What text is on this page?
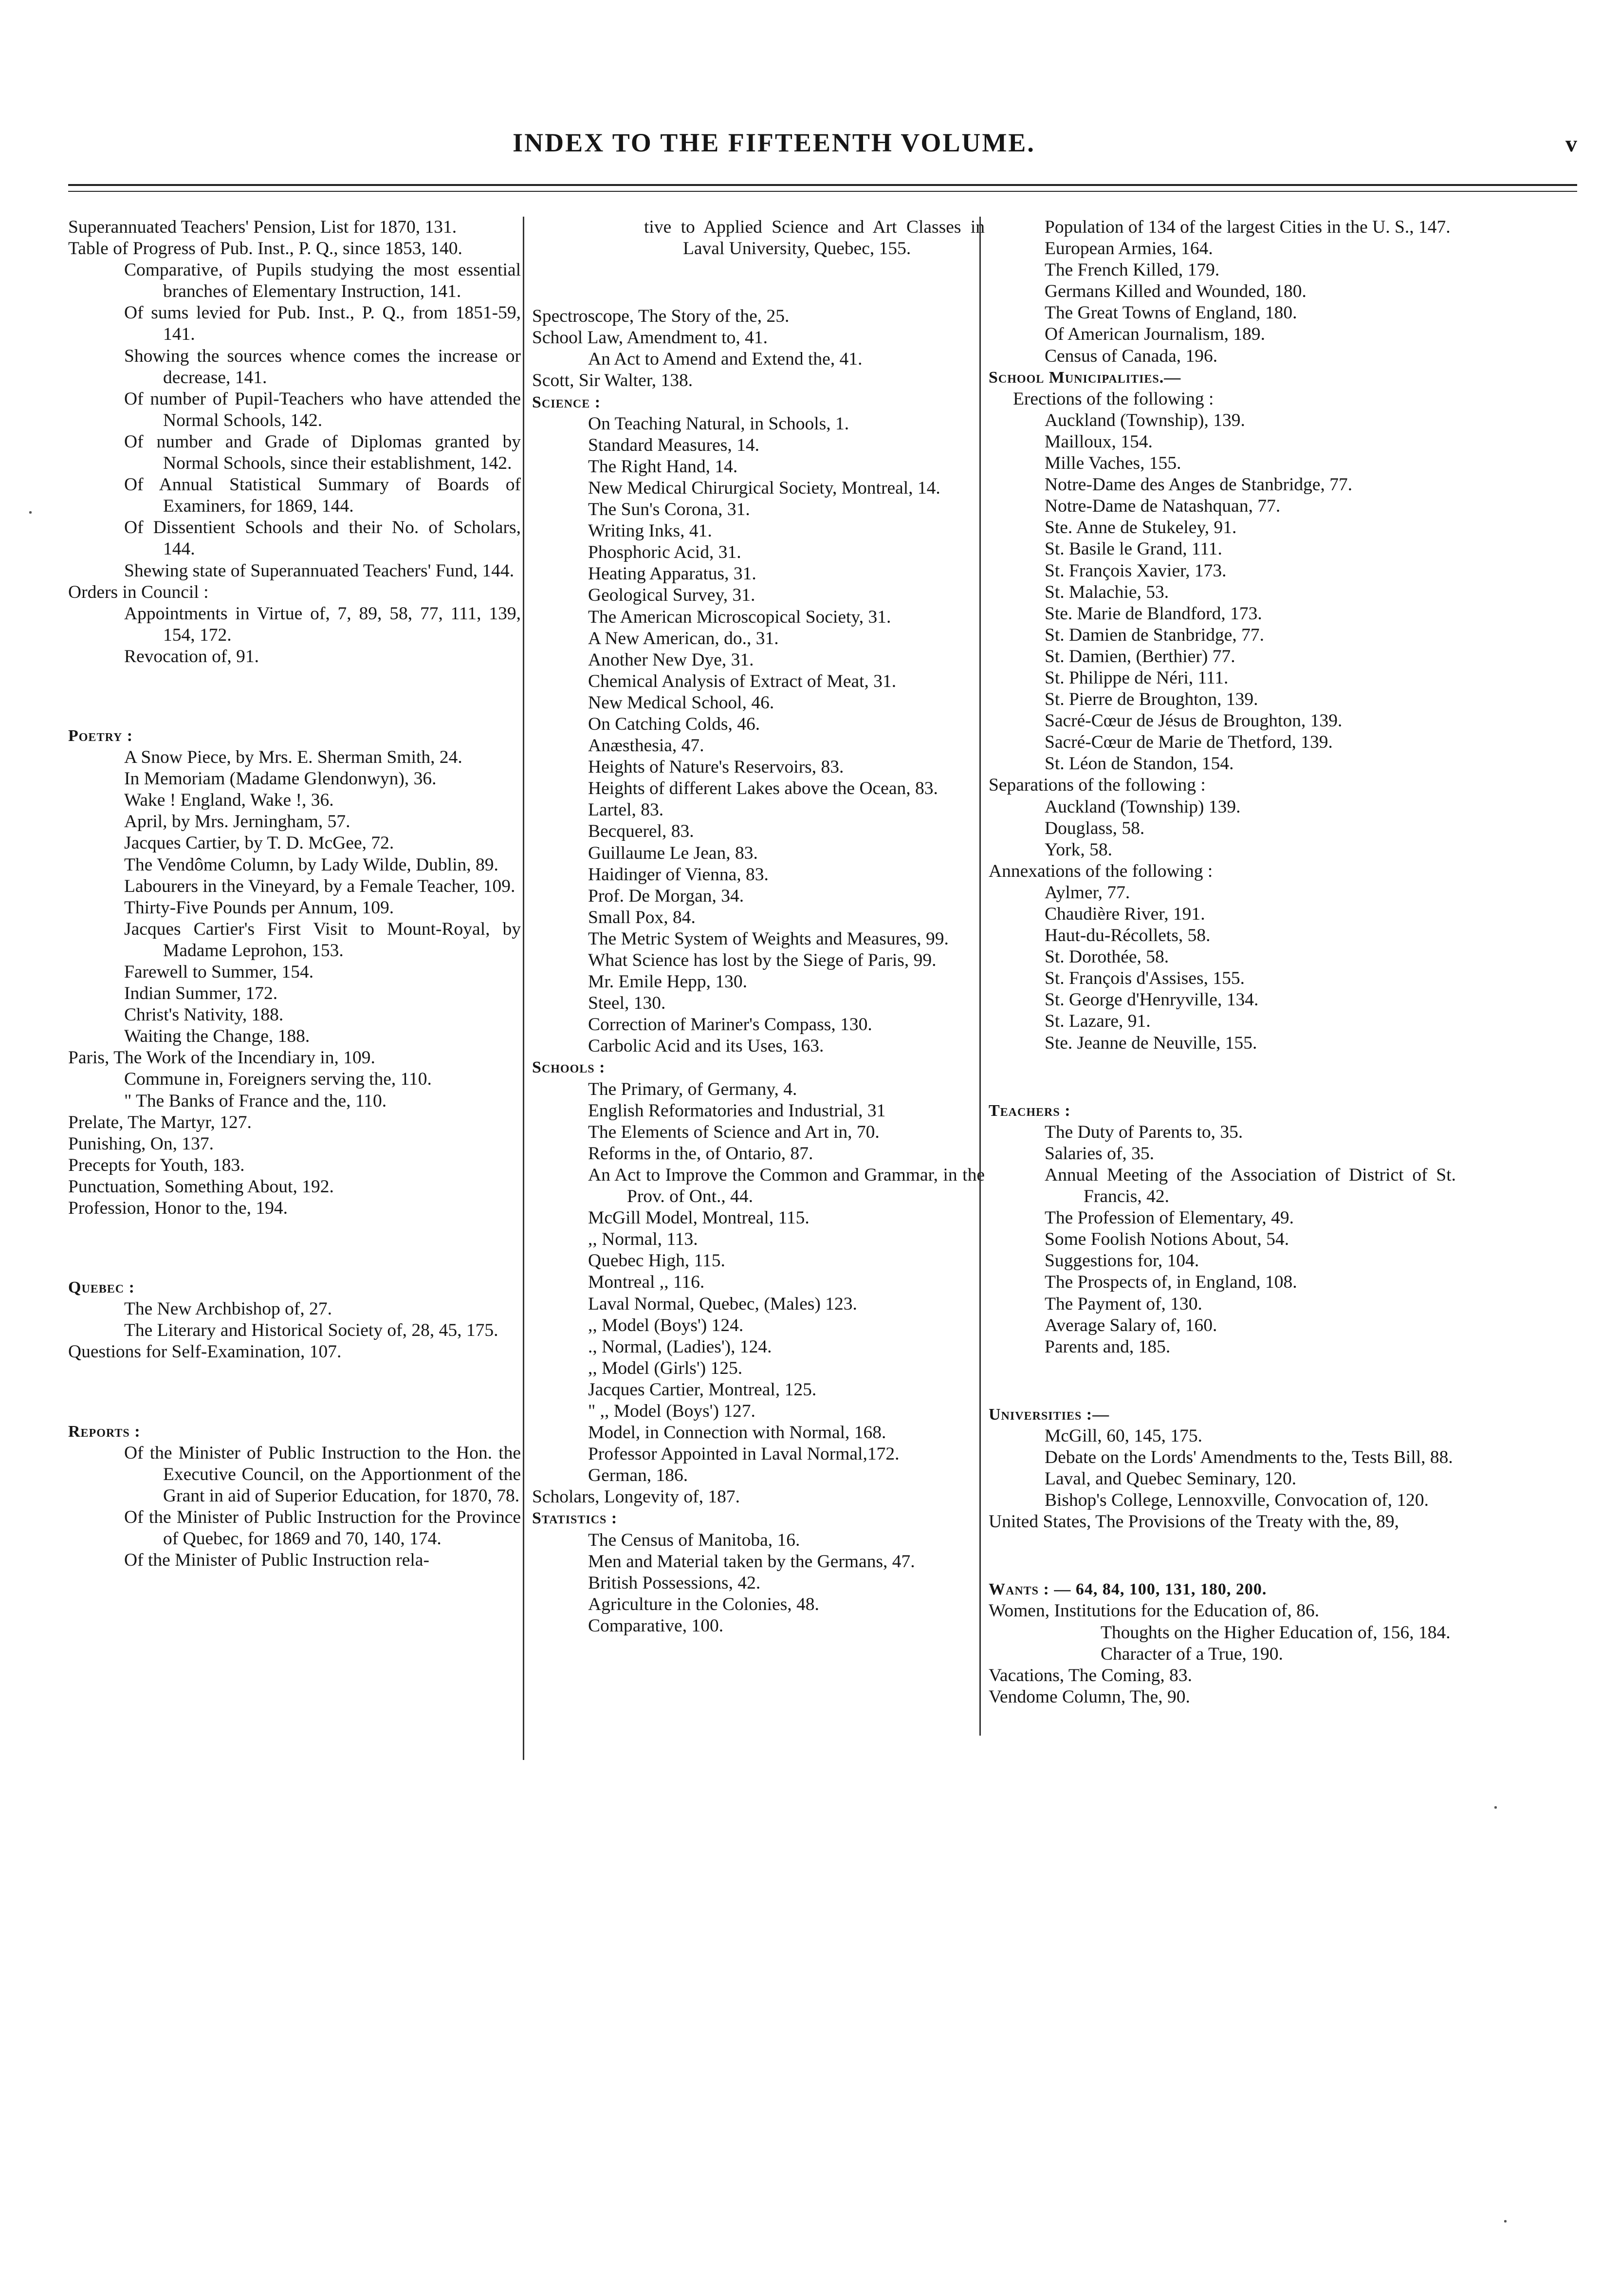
INDEX TO THE FIFTEENTH VOLUME.	v

Superannuated Teachers' Pension, List for 1870, 131.

Table of Progress of Pub. Inst., P. Q., since 1853, 140.

Comparative, of Pupils studying the most essential branches of Elementary Instruction, 141.

Of sums levied for Pub. Inst., P. Q., from 1851-59, 141.

Showing the sources whence comes the increase or decrease, 141.

Of number of Pupil-Teachers who have attended the Normal Schools, 142.

Of number and Grade of Diplomas granted by Normal Schools, since their establishment, 142.

Of Annual Statistical Summary of Boards of Examiners, for 1869, 144.

Of Dissentient Schools and their No. of Scholars, 144.

Shewing state of Superannuated Teachers' Fund, 144.

Orders in Council :

Appointments in Virtue of, 7, 89, 58, 77, 111, 139, 154, 172.

Revocation of, 91.

Poetry :

A Snow Piece, by Mrs. E. Sherman Smith, 24.

In Memoriam (Madame Glendonwyn), 36.

Wake ! England, Wake !, 36.

April, by Mrs. Jerningham, 57.

Jacques Cartier, by T. D. McGee, 72.

The Vendôme Column, by Lady Wilde, Dublin, 89.

Labourers in the Vineyard, by a Female Teacher, 109.

Thirty-Five Pounds per Annum, 109.

Jacques Cartier's First Visit to Mount-Royal, by Madame Leprohon, 153.

Farewell to Summer, 154.

Indian Summer, 172.

Christ's Nativity, 188.

Waiting the Change, 188.

Paris, The Work of the Incendiary in, 109.

Commune in, Foreigners serving the, 110.

" The Banks of France and the, 110.

Prelate, The Martyr, 127.

Punishing, On, 137.

Precepts for Youth, 183.

Punctuation, Something About, 192.

Profession, Honor to the, 194.

Quebec :

The New Archbishop of, 27.

The Literary and Historical Society of, 28, 45, 175.

Questions for Self-Examination, 107.

Reports :

Of the Minister of Public Instruction to the Hon. the Executive Council, on the Apportionment of the Grant in aid of Superior Education, for 1870, 78.

Of the Minister of Public Instruction for the Province of Quebec, for 1869 and 70, 140, 174.

Of the Minister of Public Instruction rela-

tive to Applied Science and Art Classes in Laval University, Quebec, 155.

Spectroscope, The Story of the, 25.

School Law, Amendment to, 41.

An Act to Amend and Extend the, 41.

Scott, Sir Walter, 138.

Science :

On Teaching Natural, in Schools, 1.

Standard Measures, 14.

The Right Hand, 14.

New Medical Chirurgical Society, Montreal, 14.

The Sun's Corona, 31.

Writing Inks, 41.

Phosphoric Acid, 31.

Heating Apparatus, 31.

Geological Survey, 31.

The American Microscopical Society, 31.

A New American, do., 31.

Another New Dye, 31.

Chemical Analysis of Extract of Meat, 31.

New Medical School, 46.

On Catching Colds, 46.

Anæsthesia, 47.

Heights of Nature's Reservoirs, 83.

Heights of different Lakes above the Ocean, 83.

Lartel, 83.

Becquerel, 83.

Guillaume Le Jean, 83.

Haidinger of Vienna, 83.

Prof. De Morgan, 34.

Small Pox, 84.

The Metric System of Weights and Measures, 99.

What Science has lost by the Siege of Paris, 99.

Mr. Emile Hepp, 130.

Steel, 130.

Correction of Mariner's Compass, 130.

Carbolic Acid and its Uses, 163.

Schools :

The Primary, of Germany, 4.

English Reformatories and Industrial, 31

The Elements of Science and Art in, 70.

Reforms in the, of Ontario, 87.

An Act to Improve the Common and Grammar, in the Prov. of Ont., 44.

McGill Model, Montreal, 115.

,, Normal, 113.

Quebec High, 115.

Montreal ,, 116.

Laval Normal, Quebec, (Males) 123.

,, Model (Boys') 124.

., Normal, (Ladies'), 124.

,, Model (Girls') 125.

Jacques Cartier, Montreal, 125.

" ,, Model (Boys') 127.

Model, in Connection with Normal, 168.

Professor Appointed in Laval Normal,172.

German, 186.

Scholars, Longevity of, 187.

Statistics :

The Census of Manitoba, 16.

Men and Material taken by the Germans, 47.

British Possessions, 42.

Agriculture in the Colonies, 48.

Comparative, 100.

Population of 134 of the largest Cities in the U. S., 147.

European Armies, 164.

The French Killed, 179.

Germans Killed and Wounded, 180.

The Great Towns of England, 180.

Of American Journalism, 189.

Census of Canada, 196.

School Municipalities.—

Erections of the following :

Auckland (Township), 139.

Mailloux, 154.

Mille Vaches, 155.

Notre-Dame des Anges de Stanbridge, 77.

Notre-Dame de Natashquan, 77.

Ste. Anne de Stukeley, 91.

St. Basile le Grand, 111.

St. François Xavier, 173.

St. Malachie, 53.

Ste. Marie de Blandford, 173.

St. Damien de Stanbridge, 77.

St. Damien, (Berthier) 77.

St. Philippe de Néri, 111.

St. Pierre de Broughton, 139.

Sacré-Cœur de Jésus de Broughton, 139.

Sacré-Cœur de Marie de Thetford, 139.

St. Léon de Standon, 154.

Separations of the following :

Auckland (Township) 139.

Douglass, 58.

York, 58.

Annexations of the following :

Aylmer, 77.

Chaudière River, 191.

Haut-du-Récollets, 58.

St. Dorothée, 58.

St. François d'Assises, 155.

St. George d'Henryville, 134.

St. Lazare, 91.

Ste. Jeanne de Neuville, 155.

Teachers :

The Duty of Parents to, 35.

Salaries of, 35.

Annual Meeting of the Association of District of St. Francis, 42.

The Profession of Elementary, 49.

Some Foolish Notions About, 54.

Suggestions for, 104.

The Prospects of, in England, 108.

The Payment of, 130.

Average Salary of, 160.

Parents and, 185.

Universities :—

McGill, 60, 145, 175.

Debate on the Lords' Amendments to the, Tests Bill, 88.

Laval, and Quebec Seminary, 120.

Bishop's College, Lennoxville, Convocation of, 120.

United States, The Provisions of the Treaty with the, 89,

Wants : — 64, 84, 100, 131, 180, 200.

Women, Institutions for the Education of, 86.

Thoughts on the Higher Education of, 156, 184.

Character of a True, 190.

Vacations, The Coming, 83.

Vendome Column, The, 90.
